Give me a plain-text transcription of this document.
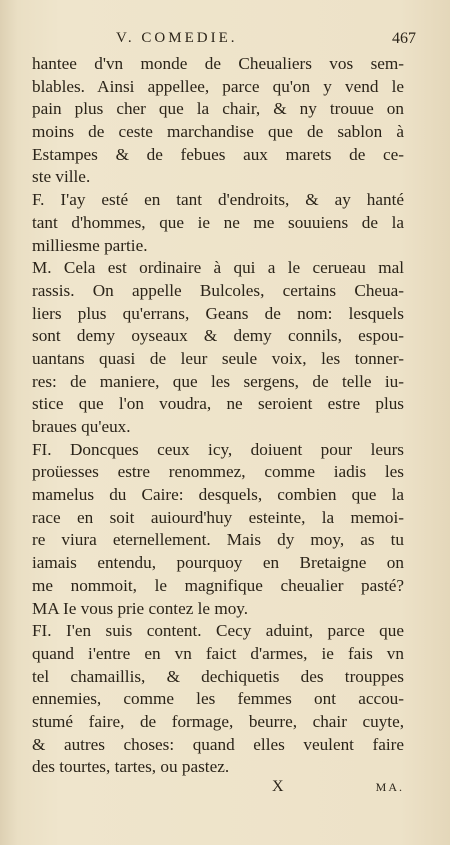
V. COMEDIE.	467
hantee d'vn monde de Cheualiers vos sem-
blables. Ainsi appellee, parce qu'on y vend le
pain plus cher que la chair, & ny trouue on
moins de ceste marchandise que de sablon à
Estampes & de febues aux marets de ce-
ste ville.
F. I'ay esté en tant d'endroits, & ay hanté
tant d'hommes, que ie ne me souuiens de la
milliesme partie.
M. Cela est ordinaire à qui a le cerueau mal
rassis. On appelle Bulcoles, certains Cheua-
liers plus qu'errans, Geans de nom: lesquels
sont demy oyseaux & demy connils, espou-
uantans quasi de leur seule voix, les tonner-
res: de maniere, que les sergens, de telle iu-
stice que l'on voudra, ne seroient estre plus
braues qu'eux.
FI. Doncques ceux icy, doiuent pour leurs
proüesses estre renommez, comme iadis les
mamelus du Caire: desquels, combien que la
race en soit auiourd'huy esteinte, la memoi-
re viura eternellement. Mais dy moy, as tu
iamais entendu, pourquoy en Bretaigne on
me nommoit, le magnifique cheualier pasté?
MA Ie vous prie contez le moy.
FI. I'en suis content. Cecy aduint, parce que
quand i'entre en vn faict d'armes, ie fais vn
tel chamaillis, & dechiquetis des trouppes
ennemies, comme les femmes ont accou-
stumé faire, de formage, beurre, chair cuyte,
& autres choses: quand elles veulent faire
des tourtes, tartes, ou pastez.
X	MA.
